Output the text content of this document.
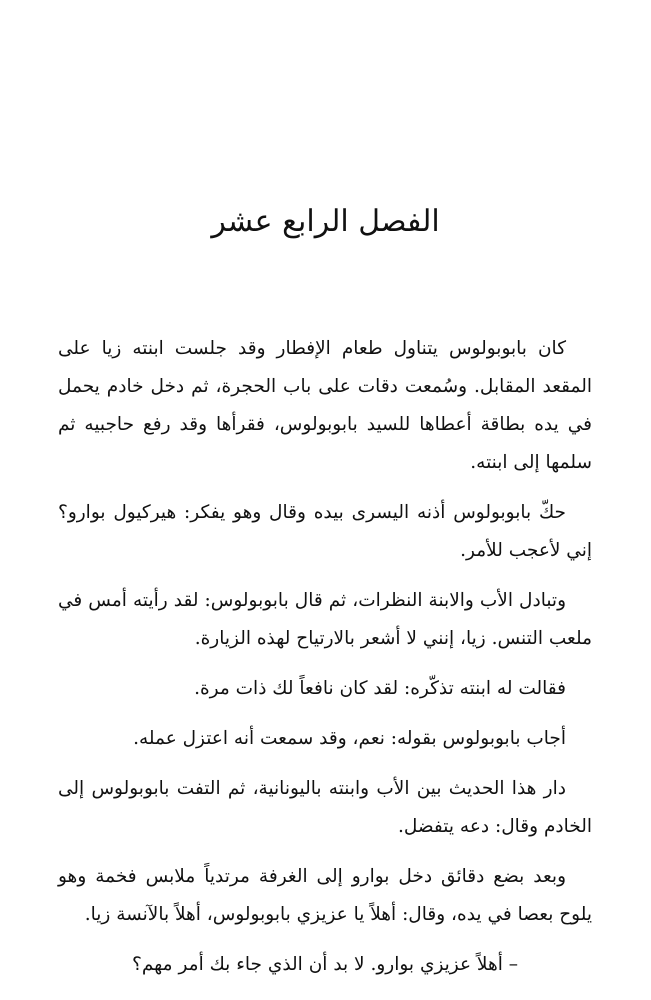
الفصل الرابع عشر

كان بابوبولوس يتناول طعام الإفطار وقد جلست ابنته زيا على المقعد المقابل. وسُمعت دقات على باب الحجرة، ثم دخل خادم يحمل في يده بطاقة أعطاها للسيد بابوبولوس، فقرأها وقد رفع حاجبيه ثم سلمها إلى ابنته.

حكّ بابوبولوس أذنه اليسرى بيده وقال وهو يفكر: هيركيول بوارو؟ إني لأعجب للأمر.

وتبادل الأب والابنة النظرات، ثم قال بابوبولوس: لقد رأيته أمس في ملعب التنس. زيا، إنني لا أشعر بالارتياح لهذه الزيارة.

فقالت له ابنته تذكّره: لقد كان نافعاً لك ذات مرة.

أجاب بابوبولوس بقوله: نعم، وقد سمعت أنه اعتزل عمله.

دار هذا الحديث بين الأب وابنته باليونانية، ثم التفت بابوبولوس إلى الخادم وقال: دعه يتفضل.

وبعد بضع دقائق دخل بوارو إلى الغرفة مرتدياً ملابس فخمة وهو يلوح بعصا في يده، وقال: أهلاً يا عزيزي بابوبولوس، أهلاً بالآنسة زيا.

– أهلاً عزيزي بوارو. لا بد أن الذي جاء بك أمر مهم؟
